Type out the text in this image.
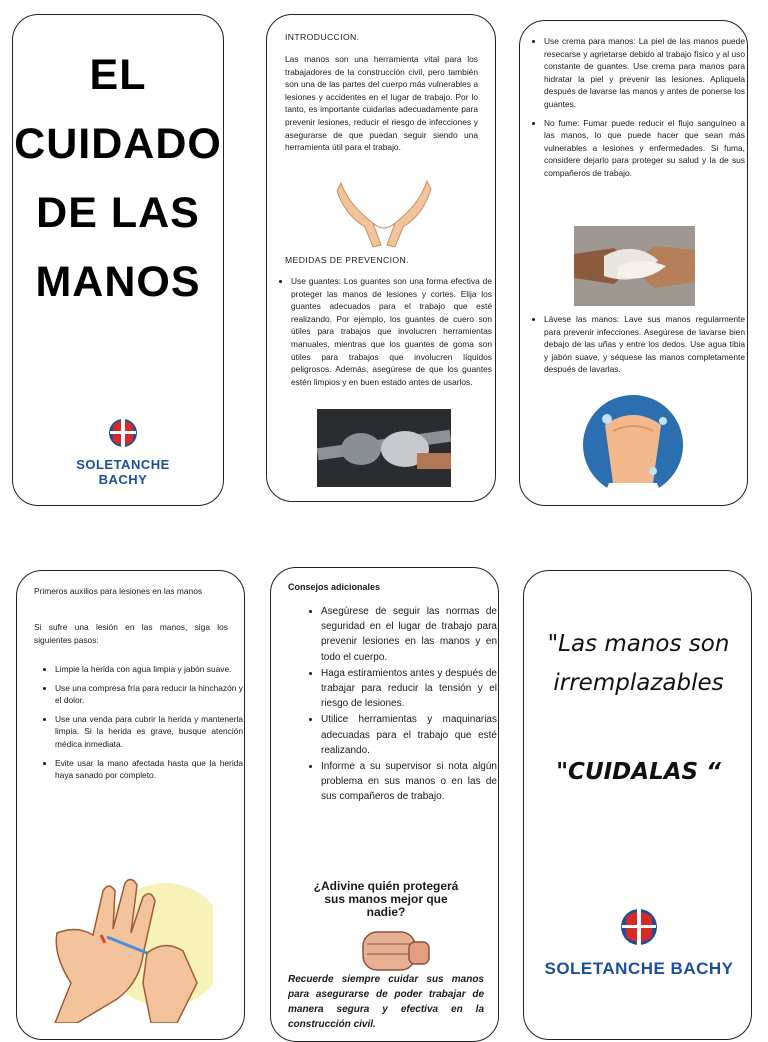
EL
CUIDADO
DE LAS
MANOS
SOLETANCHE BACHY
INTRODUCCION.
Las manos son una herramienta vital para los trabajadores de la construcción civil, pero también son una de las partes del cuerpo más vulnerables a lesiones y accidentes en el lugar de trabajo. Por lo tanto, es importante cuidarlas adecuadamente para prevenir lesiones, reducir el riesgo de infecciones y asegurarse de que puedan seguir siendo una herramienta útil para el trabajo.
MEDIDAS DE PREVENCION.
• Use guantes: Los guantes son una forma efectiva de proteger las manos de lesiones y cortes. Elija los guantes adecuados para el trabajo que esté realizando. Por ejemplo, los guantes de cuero son útiles para trabajos que involucren herramientas manuales, mientras que los guantes de goma son útiles para trabajos que involucren líquidos peligrosos. Además, asegúrese de que los guantes estén limpios y en buen estado antes de usarlos.
• Use crema para manos: La piel de las manos puede resecarse y agrietarse debido al trabajo físico y al uso constante de guantes. Use crema para manos para hidratar la piel y prevenir las lesiones. Aplíquela después de lavarse las manos y antes de ponerse los guantes.
• No fume: Fumar puede reducir el flujo sanguíneo a las manos, lo que puede hacer que sean más vulnerables a lesiones y enfermedades. Si fuma, considere dejarlo para proteger su salud y la de sus compañeros de trabajo.
• Lávese las manos: Lave sus manos regularmente para prevenir infecciones. Asegúrese de lavarse bien debajo de las uñas y entre los dedos. Use agua tibia y jabón suave, y séquese las manos completamente después de lavarlas.
Primeros auxilios para lesiones en las manos
Si sufre una lesión en las manos, siga los siguientes pasos:
• Limpie la herida con agua limpia y jabón suave.
• Use una compresa fría para reducir la hinchazón y el dolor.
• Use una venda para cubrir la herida y mantenerla limpia. Si la herida es grave, busque atención médica inmediata.
• Evite usar la mano afectada hasta que la herida haya sanado por completo.
Consejos adicionales
• Asegúrese de seguir las normas de seguridad en el lugar de trabajo para prevenir lesiones en las manos y en todo el cuerpo.
• Haga estiramientos antes y después de trabajar para reducir la tensión y el riesgo de lesiones.
• Utilice herramientas y maquinarias adecuadas para el trabajo que esté realizando.
• Informe a su supervisor si nota algún problema en sus manos o en las de sus compañeros de trabajo.
¿Adivine quién protegerá sus manos mejor que nadie?
Recuerde siempre cuidar sus manos para asegurarse de poder trabajar de manera segura y efectiva en la construcción civil.
"Las manos son irremplazables
"CUIDALAS “
SOLETANCHE BACHY
